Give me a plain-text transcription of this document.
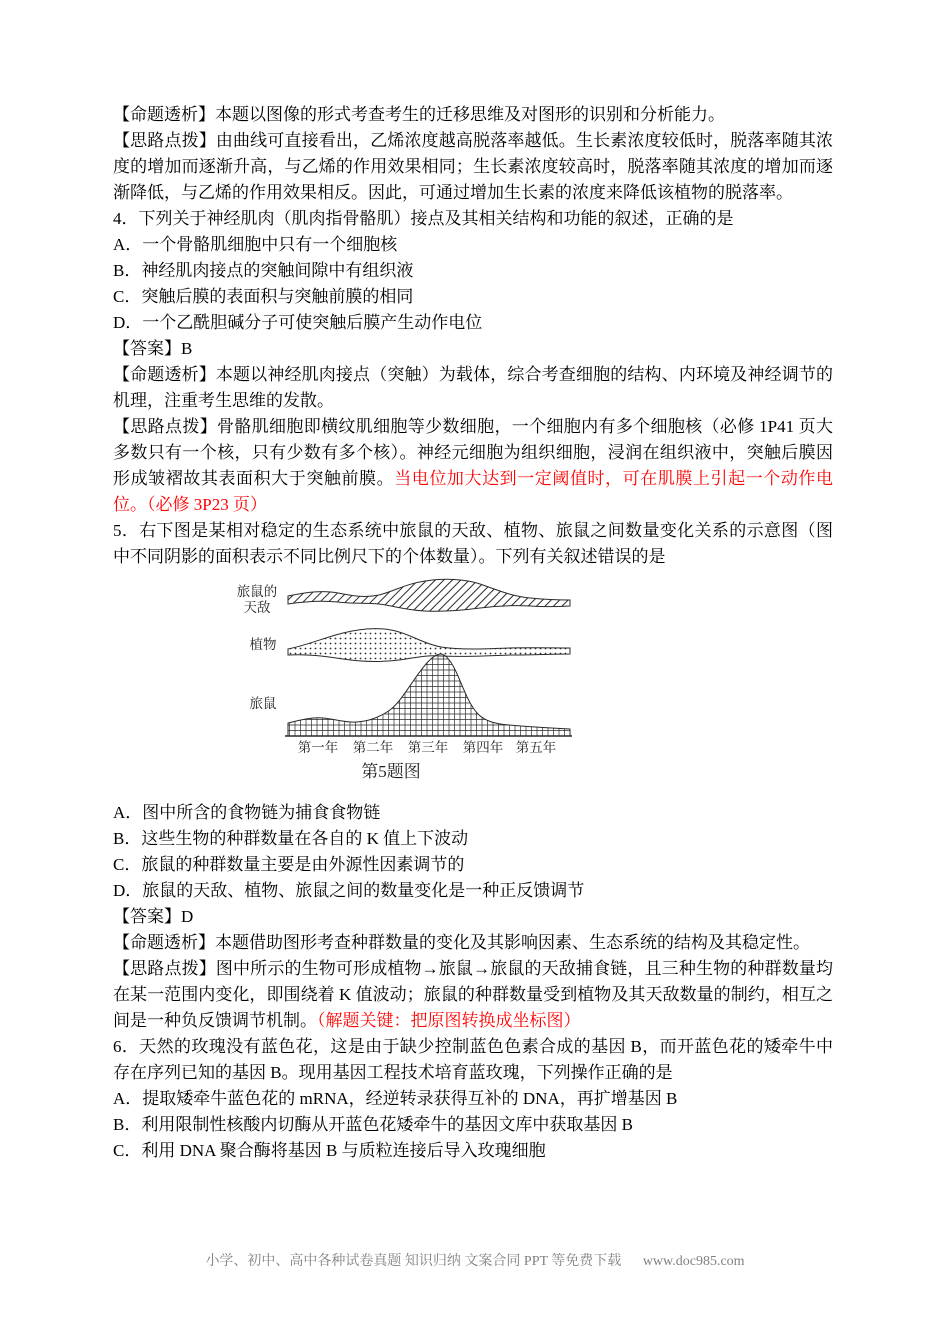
【命题透析】本题以图像的形式考查考生的迁移思维及对图形的识别和分析能力。

【思路点拨】由曲线可直接看出，乙烯浓度越高脱落率越低。生长素浓度较低时，脱落率随其浓度的增加而逐渐升高，与乙烯的作用效果相同；生长素浓度较高时，脱落率随其浓度的增加而逐渐降低，与乙烯的作用效果相反。因此，可通过增加生长素的浓度来降低该植物的脱落率。

4．下列关于神经肌肉（肌肉指骨骼肌）接点及其相关结构和功能的叙述，正确的是

A．一个骨骼肌细胞中只有一个细胞核

B．神经肌肉接点的突触间隙中有组织液

C．突触后膜的表面积与突触前膜的相同

D．一个乙酰胆碱分子可使突触后膜产生动作电位

【答案】B

【命题透析】本题以神经肌肉接点（突触）为载体，综合考查细胞的结构、内环境及神经调节的机理，注重考生思维的发散。

【思路点拨】骨骼肌细胞即横纹肌细胞等少数细胞，一个细胞内有多个细胞核（必修 1P41 页大多数只有一个核，只有少数有多个核）。神经元细胞为组织细胞，浸润在组织液中，突触后膜因形成皱褶故其表面积大于突触前膜。当电位加大达到一定阈值时，可在肌膜上引起一个动作电位。（必修 3P23 页）

5．右下图是某相对稳定的生态系统中旅鼠的天敌、植物、旅鼠之间数量变化关系的示意图（图中不同阴影的面积表示不同比例尺下的个体数量）。下列有关叙述错误的是

旅鼠的
天敌
植物
旅鼠
第一年 第二年 第三年 第四年 第五年
第5题图

A．图中所含的食物链为捕食食物链

B．这些生物的种群数量在各自的 K 值上下波动

C．旅鼠的种群数量主要是由外源性因素调节的

D．旅鼠的天敌、植物、旅鼠之间的数量变化是一种正反馈调节

【答案】D

【命题透析】本题借助图形考查种群数量的变化及其影响因素、生态系统的结构及其稳定性。

【思路点拨】图中所示的生物可形成植物→旅鼠→旅鼠的天敌捕食链，且三种生物的种群数量均在某一范围内变化，即围绕着 K 值波动；旅鼠的种群数量受到植物及其天敌数量的制约，相互之间是一种负反馈调节机制。（解题关键：把原图转换成坐标图）

6．天然的玫瑰没有蓝色花，这是由于缺少控制蓝色色素合成的基因 B，而开蓝色花的矮牵牛中存在序列已知的基因 B。现用基因工程技术培育蓝玫瑰，下列操作正确的是

A．提取矮牵牛蓝色花的 mRNA，经逆转录获得互补的 DNA，再扩增基因 B

B．利用限制性核酸内切酶从开蓝色花矮牵牛的基因文库中获取基因 B

C．利用 DNA 聚合酶将基因 B 与质粒连接后导入玫瑰细胞

小学、初中、高中各种试卷真题 知识归纳 文案合同 PPT 等免费下载 www.doc985.com
